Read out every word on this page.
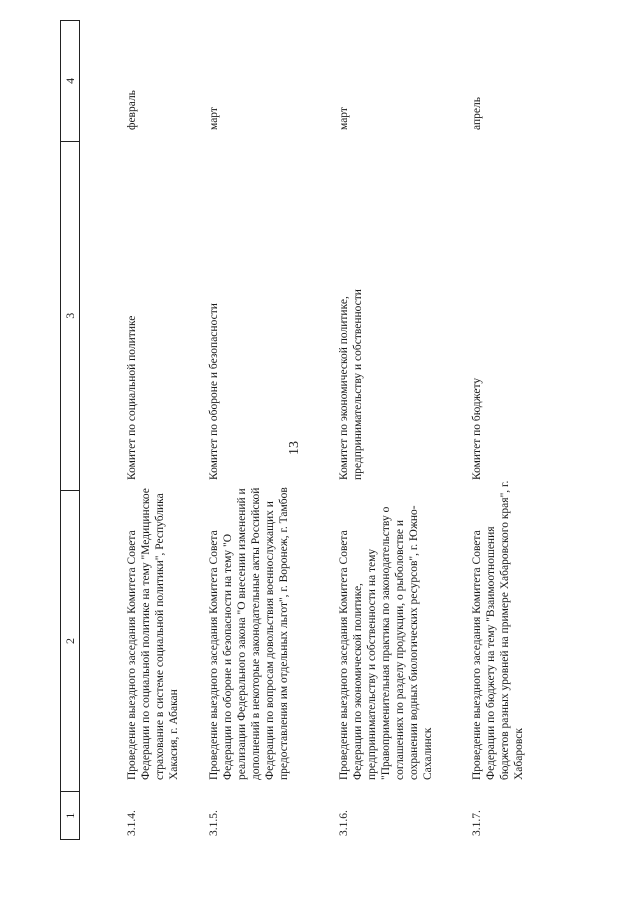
13
1
2
3
4
3.1.4.
Проведение выездного заседания Комитета Совета Федерации по социальной политике на тему "Медицинское страхование в системе социальной политики", Республика Хакасия, г. Абакан
Комитет по социальной политике
февраль
3.1.5.
Проведение выездного заседания Комитета Совета Федерации по обороне и безопасности на тему "О реализации Федерального закона "О внесении изменений и дополнений в некоторые законодательные акты Российской Федерации по вопросам довольствия военнослужащих и предоставления им отдельных льгот", г. Воронеж, г. Тамбов
Комитет по обороне и безопасности
март
3.1.6.
Проведение выездного заседания Комитета Совета Федерации по экономической политике, предпринимательству и собственности на тему "Правоприменительная практика по законодательству о соглашениях по разделу продукции, о рыболовстве и сохранении водных биологических ресурсов", г. Южно-Сахалинск
Комитет по экономической политике, предпринимательству и собственности
март
3.1.7.
Проведение выездного заседания Комитета Совета Федерации по бюджету на тему "Взаимоотношения бюджетов разных уровней на примере Хабаровского края", г. Хабаровск
Комитет по бюджету
апрель
